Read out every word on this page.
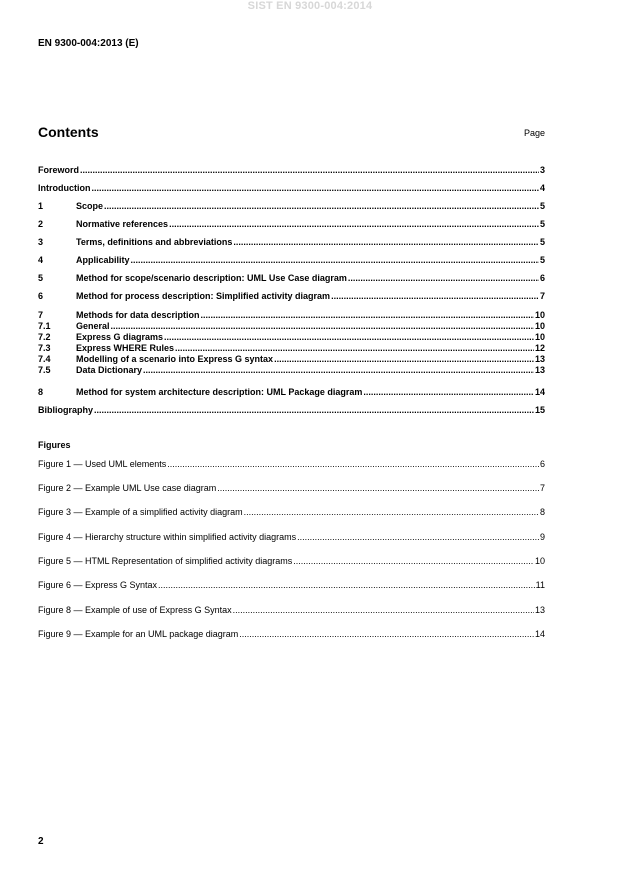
SIST EN 9300-004:2014
EN 9300-004:2013 (E)
Contents	Page
Foreword .....	3
Introduction .....	4
1	Scope .....	5
2	Normative references .....	5
3	Terms, definitions and abbreviations .....	5
4	Applicability .....	5
5	Method for scope/scenario description: UML Use Case diagram .....	6
6	Method for process description: Simplified activity diagram .....	7
7	Methods for data description .....	10
7.1	General .....	10
7.2	Express G diagrams .....	10
7.3	Express WHERE Rules .....	12
7.4	Modelling of a scenario into Express G syntax .....	13
7.5	Data Dictionary .....	13
8	Method for system architecture description: UML Package diagram .....	14
Bibliography .....	15
Figures
Figure 1 — Used UML elements .....	6
Figure 2 — Example UML Use case diagram .....	7
Figure 3 — Example of a simplified activity diagram .....	8
Figure 4 — Hierarchy structure within simplified activity diagrams .....	9
Figure 5 — HTML Representation of simplified activity diagrams .....	10
Figure 6 — Express G Syntax .....	11
Figure 8 — Example of use of Express G Syntax .....	13
Figure 9 — Example for an UML package diagram .....	14
2
